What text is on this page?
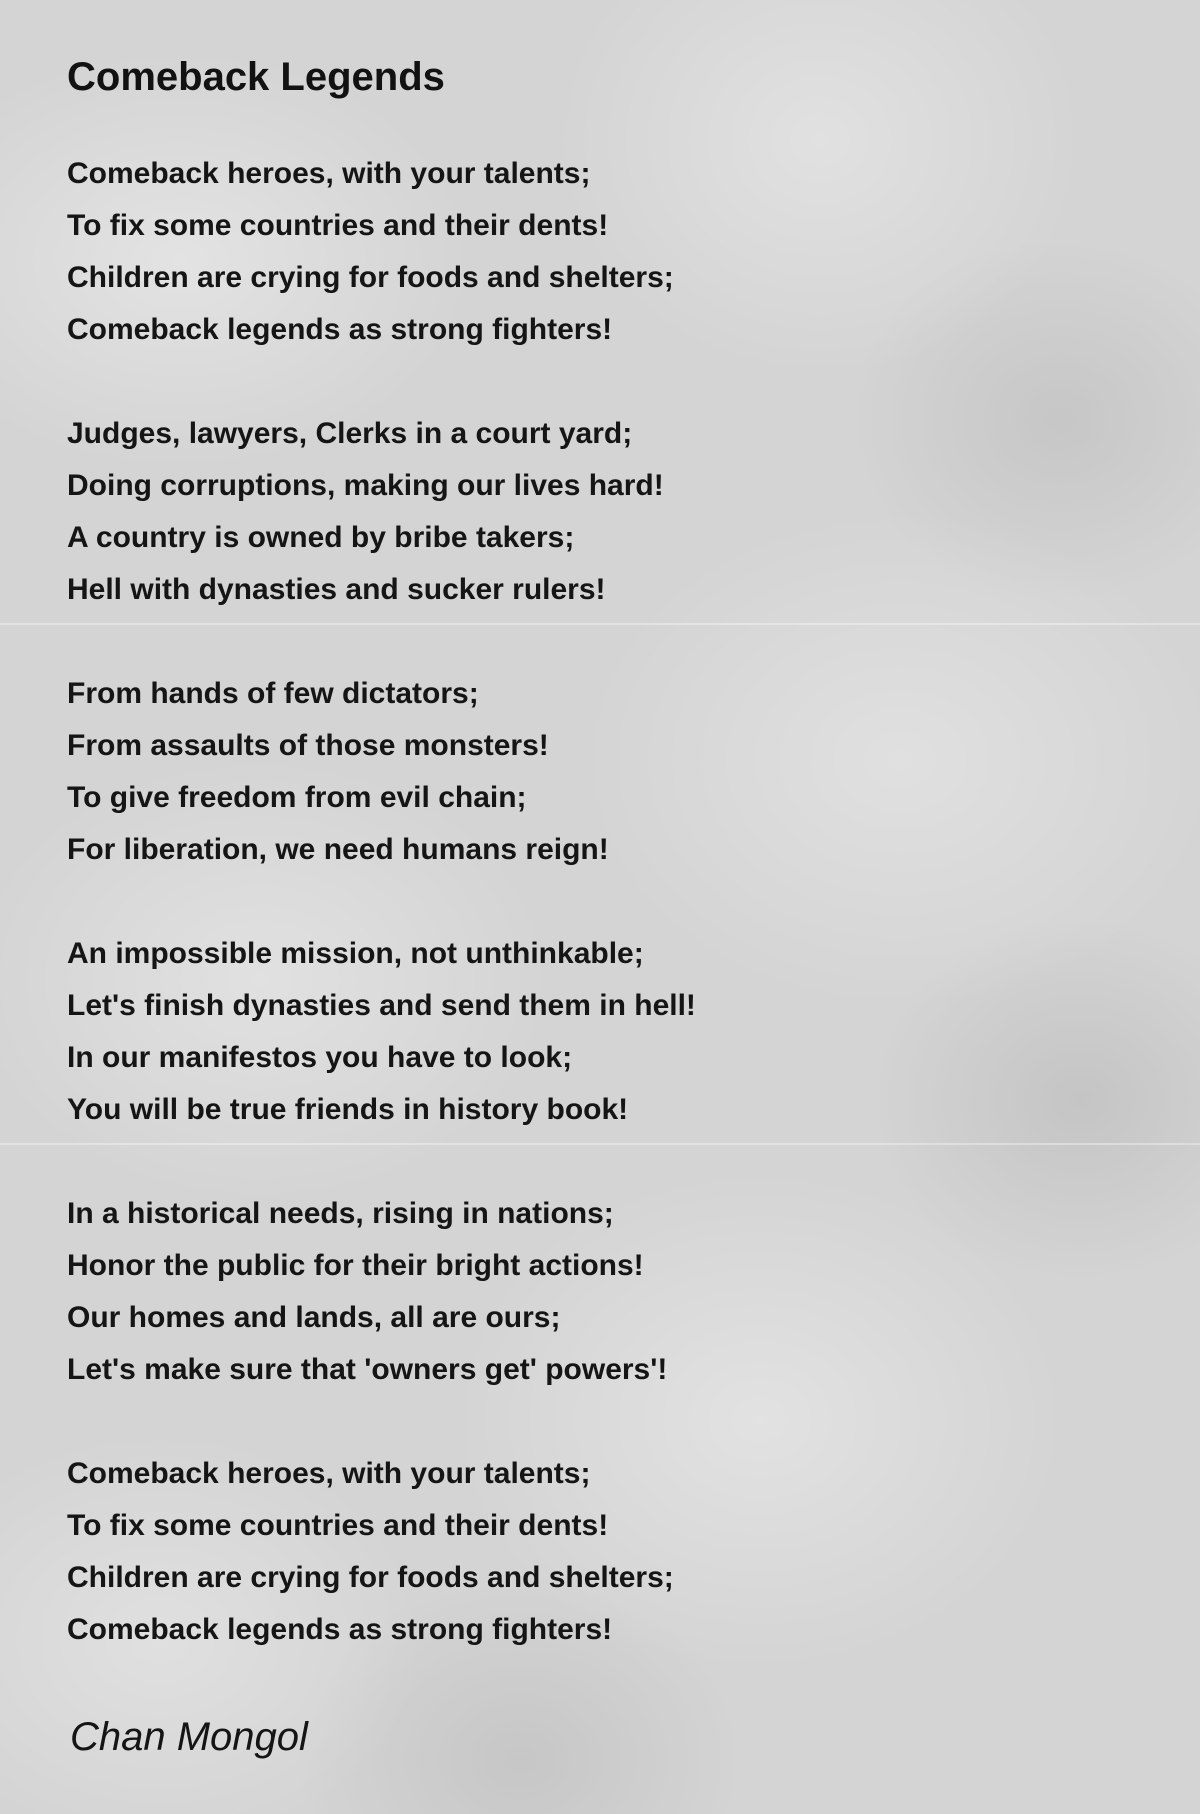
Comeback Legends
Comeback heroes, with your talents;
To fix some countries and their dents!
Children are crying for foods and shelters;
Comeback legends as strong fighters!
Judges, lawyers, Clerks in a court yard;
Doing corruptions, making our lives hard!
A country is owned by bribe takers;
Hell with dynasties and sucker rulers!
From hands of few dictators;
From assaults of those monsters!
To give freedom from evil chain;
For liberation, we need humans reign!
An impossible mission, not unthinkable;
Let's finish dynasties and send them in hell!
In our manifestos you have to look;
You will be true friends in history book!
In a historical needs, rising in nations;
Honor the public for their bright actions!
Our homes and lands, all are ours;
Let's make sure that 'owners get' powers'!
Comeback heroes, with your talents;
To fix some countries and their dents!
Children are crying for foods and shelters;
Comeback legends as strong fighters!

Chan Mongol
